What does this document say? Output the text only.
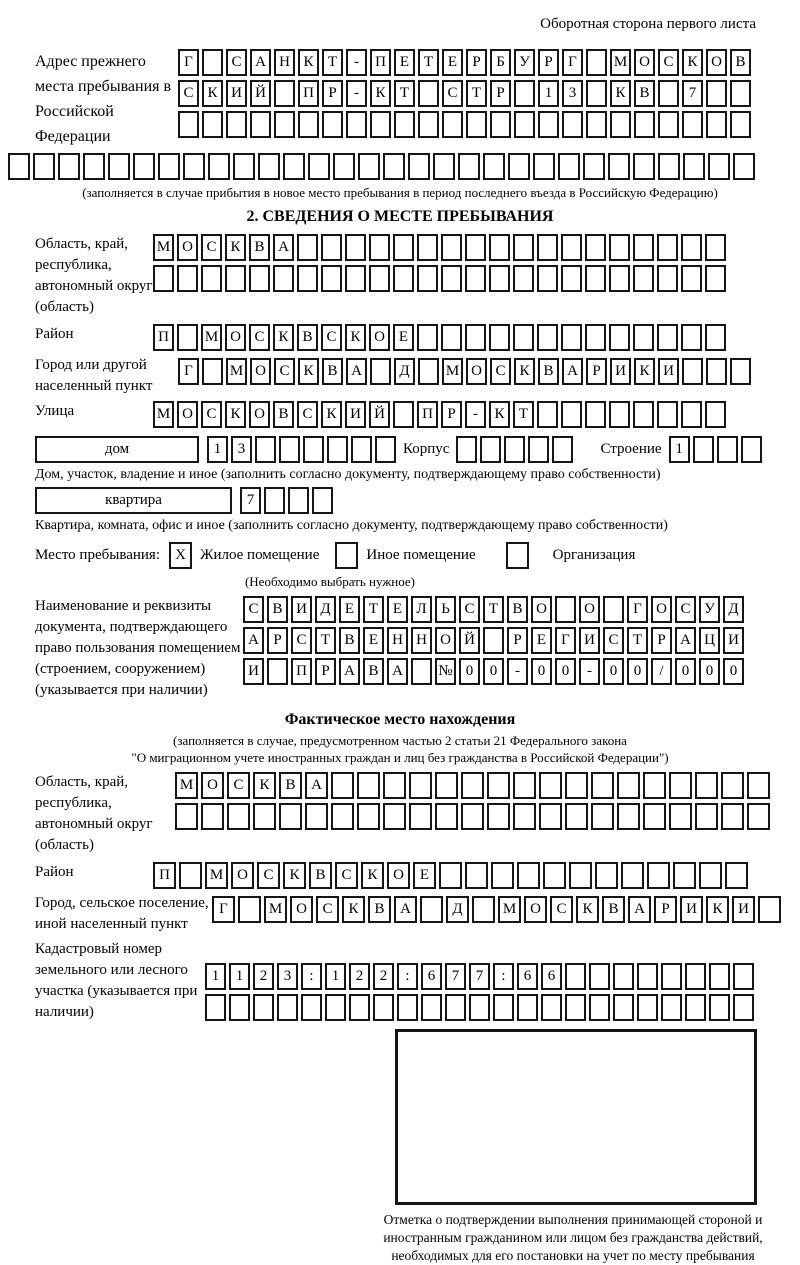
Оборотная сторона первого листа
Адрес прежнего места пребывания в Российской Федерации
Г	С А Н К Т	-	П Е Т Е	Р	Б У Р	Г	М О С К О В
С К И Й	П Р	-	К Т	С Т	Р	1	3	К В	7
(заполняется в случае прибытия в новое место пребывания в период последнего въезда в Российскую Федерацию)
2. СВЕДЕНИЯ О МЕСТЕ ПРЕБЫВАНИЯ
Область, край, республика, автономный округ (область)
М О С К В А
Район	П	М О С К В С К О Е
Город или другой населенный пункт
Г	М О С К В А	Д	М О С К В А Р И К И
Улица	М О С К О В С К И Й	П Р	-	К Т
дом	1	3	Корпус	Строение 1
Дом, участок, владение и иное (заполнить согласно документу, подтверждающему право собственности)
квартира	7
Квартира, комната, офис и иное (заполнить согласно документу, подтверждающему право собственности)
Место пребывания:	X Жилое помещение	Иное помещение	Организация
(Необходимо выбрать нужное)
Наименование и реквизиты документа, подтверждающего право пользования помещением (строением, сооружением) (указывается при наличии)
С В И Д Е Т Е Л Ь С Т В О	О	Г О С У Д
А Р С Т В Е Н Н О Й	Р	Е	Г И С Т	Р А Ц И
И	П Р А В А	№ 0	0	-	0	0	-	0	0	/	0	0	0
Фактическое место нахождения
(заполняется в случае, предусмотренном частью 2 статьи 21 Федерального закона
"О миграционном учете иностранных граждан и лиц без гражданства в Российской Федерации")
Область, край, республика, автономный округ (область)
М О	С	К	В	А
Район	П	М О	С	К	В	С	К	О	Е
Город, сельское поселение, иной населенный пункт
Г	М О	С	К	В	А	Д	М О	С	К	В	А	Р	И	К	И
Кадастровый номер земельного или лесного участка (указывается при наличии)
1	1	2	3	:	1	2	2	:	6	7	7	:	6	6
Отметка о подтверждении выполнения принимающей стороной и иностранным гражданином или лицом без гражданства действий, необходимых для его постановки на учет по месту пребывания
